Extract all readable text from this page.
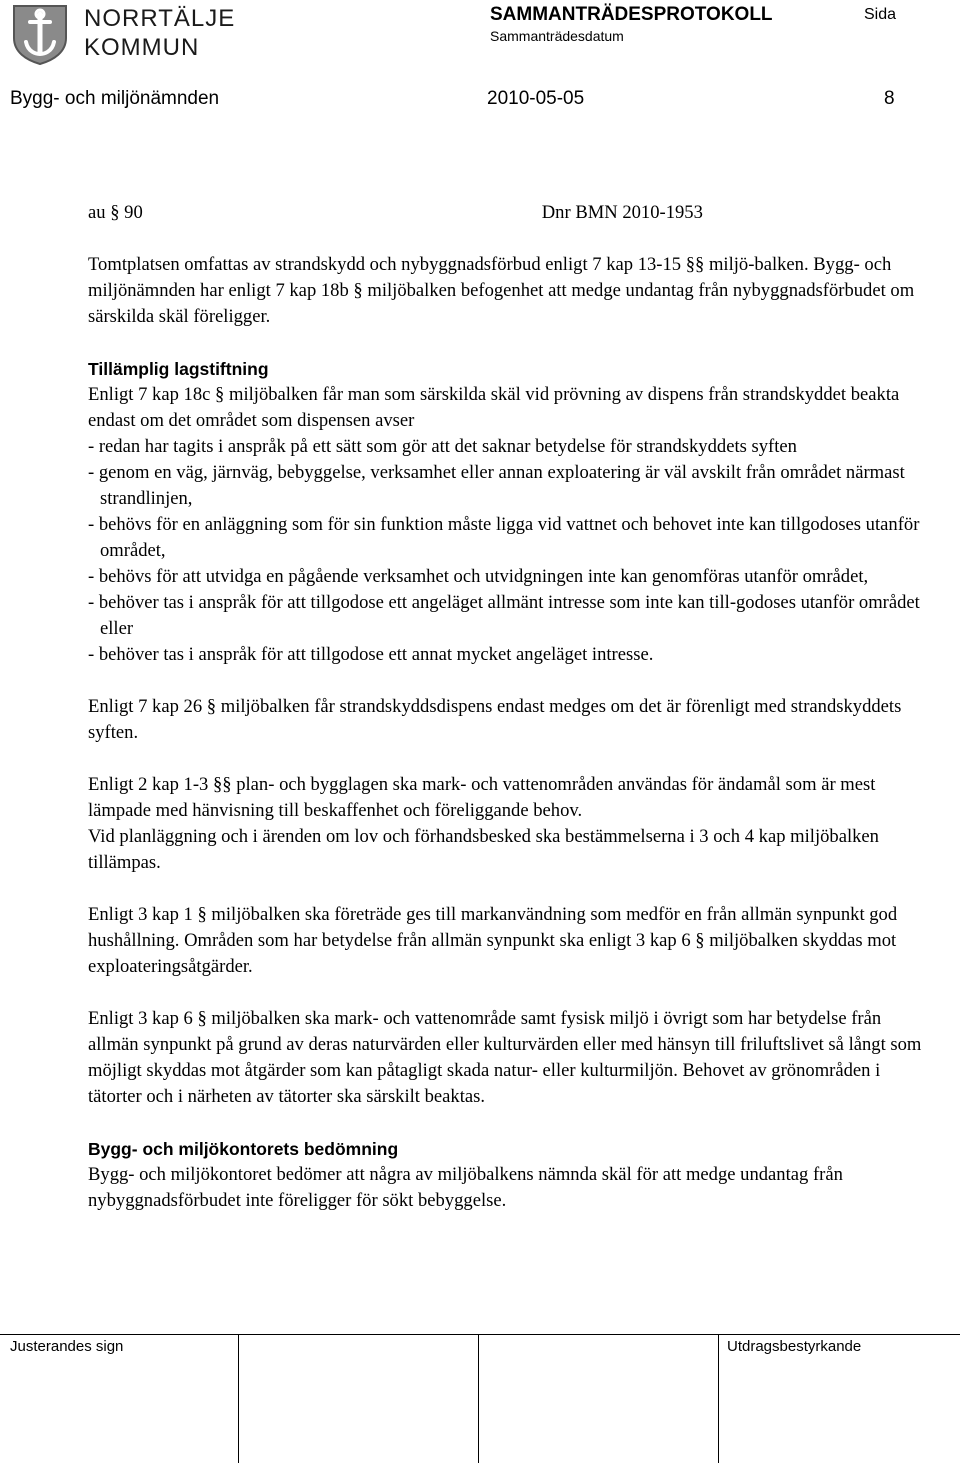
NORRTÄLJE
KOMMUN
SAMMANTRÄDESPROTOKOLL
Sammanträdesdatum
Sida
Bygg- och miljönämnden	2010-05-05	8
au § 90	Dnr BMN 2010-1953

Tomtplatsen omfattas av strandskydd och nybyggnadsförbud enligt 7 kap 13-15 §§ miljö-balken. Bygg- och miljönämnden har enligt 7 kap 18b § miljöbalken befogenhet att medge undantag från nybyggnadsförbudet om särskilda skäl föreligger.

Tillämplig lagstiftning

Enligt 7 kap 18c § miljöbalken får man som särskilda skäl vid prövning av dispens från strandskyddet beakta endast om det området som dispensen avser

- redan har tagits i anspråk på ett sätt som gör att det saknar betydelse för strandskyddets syften
- genom en väg, järnväg, bebyggelse, verksamhet eller annan exploatering är väl avskilt från området närmast strandlinjen,
- behövs för en anläggning som för sin funktion måste ligga vid vattnet och behovet inte kan tillgodoses utanför området,
- behövs för att utvidga en pågående verksamhet och utvidgningen inte kan genomföras utanför området,
- behöver tas i anspråk för att tillgodose ett angeläget allmänt intresse som inte kan till-godoses utanför området eller
- behöver tas i anspråk för att tillgodose ett annat mycket angeläget intresse.

Enligt 7 kap 26 § miljöbalken får strandskyddsdispens endast medges om det är förenligt med strandskyddets syften.

Enligt 2 kap 1-3 §§ plan- och bygglagen ska mark- och vattenområden användas för ändamål som är mest lämpade med hänvisning till beskaffenhet och föreliggande behov.

Vid planläggning och i ärenden om lov och förhandsbesked ska bestämmelserna i 3 och 4 kap miljöbalken tillämpas.

Enligt 3 kap 1 § miljöbalken ska företräde ges till markanvändning som medför en från allmän synpunkt god hushållning. Områden som har betydelse från allmän synpunkt ska enligt 3 kap 6 § miljöbalken skyddas mot exploateringsåtgärder.

Enligt 3 kap 6 § miljöbalken ska mark- och vattenområde samt fysisk miljö i övrigt som har betydelse från allmän synpunkt på grund av deras naturvärden eller kulturvärden eller med hänsyn till friluftslivet så långt som möjligt skyddas mot åtgärder som kan påtagligt skada natur- eller kulturmiljön. Behovet av grönområden i tätorter och i närheten av tätorter ska särskilt beaktas.

Bygg- och miljökontorets bedömning

Bygg- och miljökontoret bedömer att några av miljöbalkens nämnda skäl för att medge undantag från nybyggnadsförbudet inte föreligger för sökt bebyggelse.

Justerandes sign	Utdragsbestyrkande
